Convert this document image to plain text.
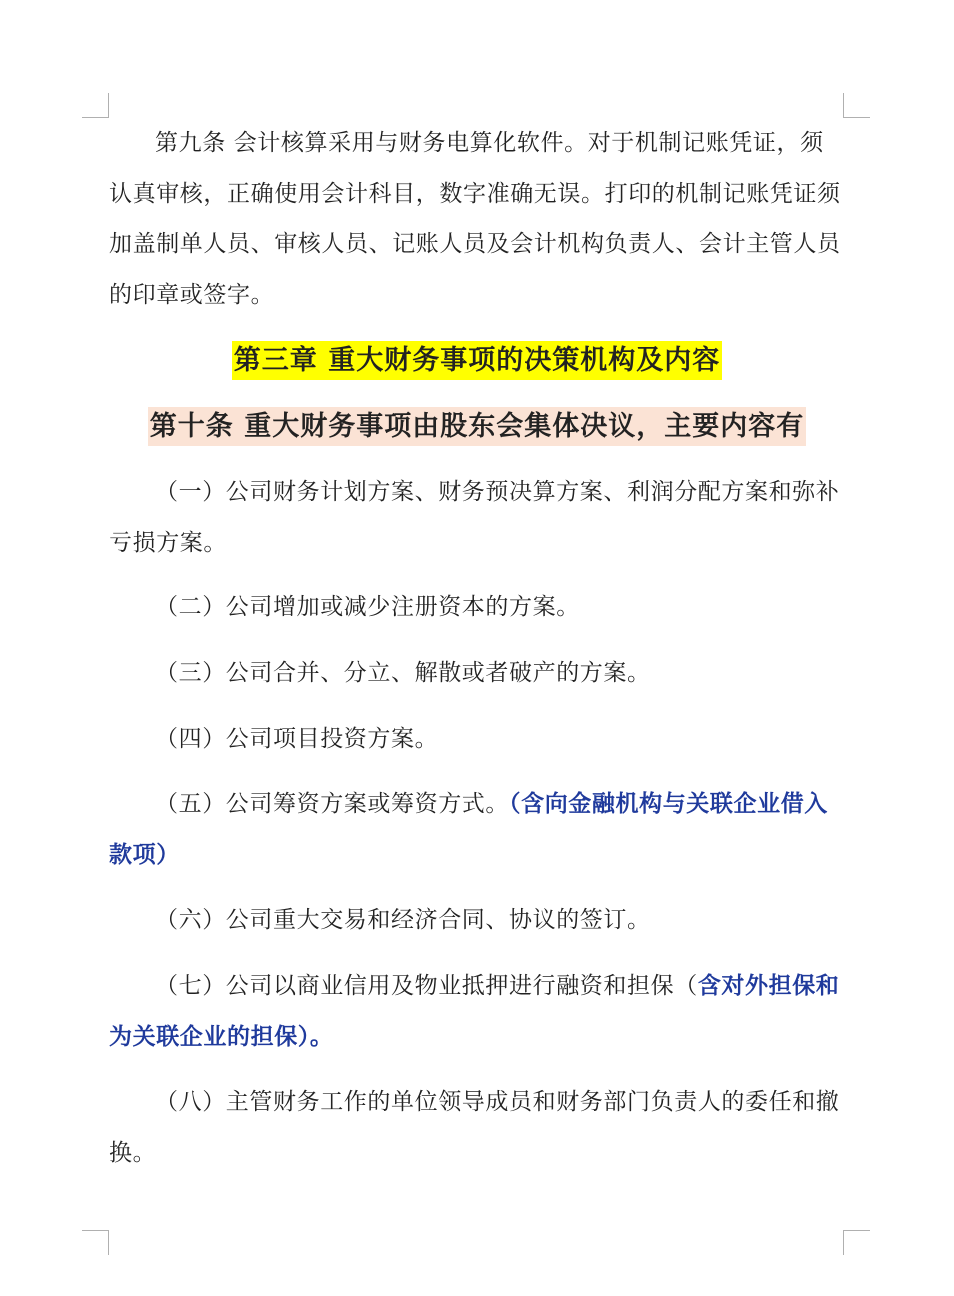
第九条 会计核算采用与财务电算化软件。对于机制记账凭证，须认真审核，正确使用会计科目，数字准确无误。打印的机制记账凭证须加盖制单人员、审核人员、记账人员及会计机构负责人、会计主管人员的印章或签字。

第三章 重大财务事项的决策机构及内容
第十条 重大财务事项由股东会集体决议，主要内容有

（一）公司财务计划方案、财务预决算方案、利润分配方案和弥补亏损方案。

（二）公司增加或减少注册资本的方案。

（三）公司合并、分立、解散或者破产的方案。

（四）公司项目投资方案。

（五）公司筹资方案或筹资方式。（含向金融机构与关联企业借入款项）

（六）公司重大交易和经济合同、协议的签订。

（七）公司以商业信用及物业抵押进行融资和担保（含对外担保和为关联企业的担保）。

（八）主管财务工作的单位领导成员和财务部门负责人的委任和撤换。
